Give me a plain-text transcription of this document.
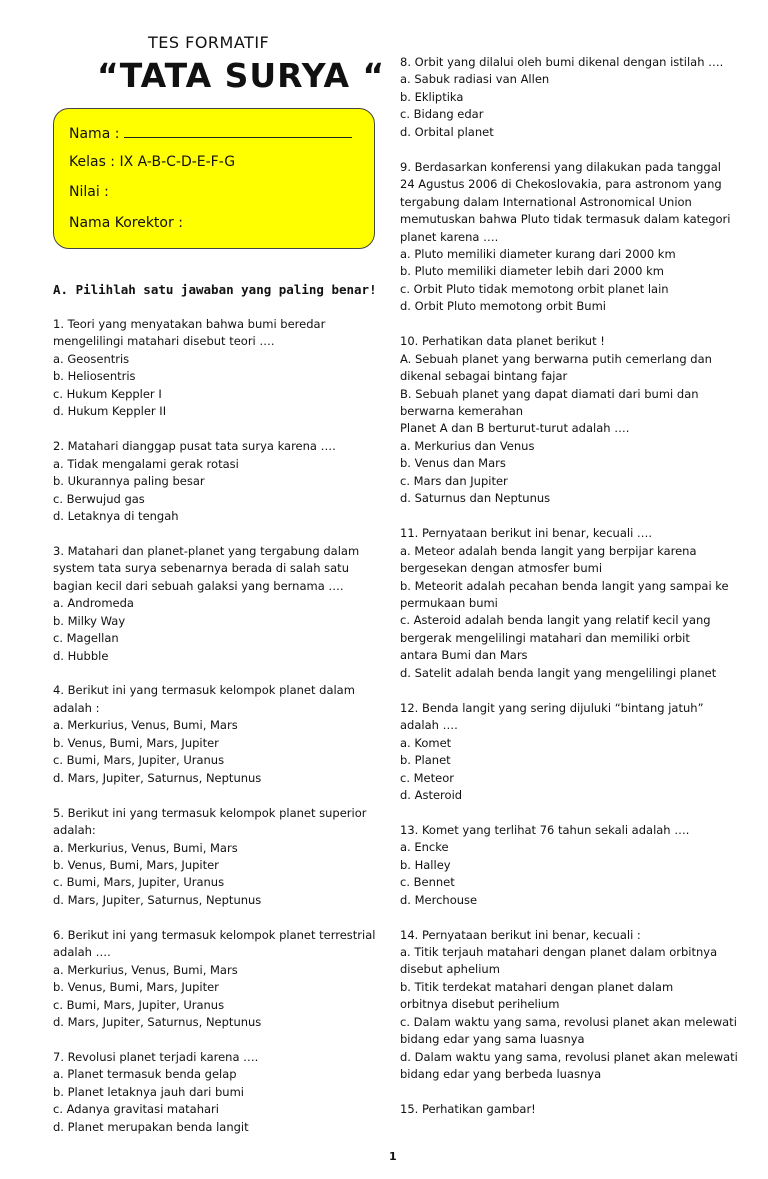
TES FORMATIF
“TATA SURYA “
Nama :
Kelas : IX A-B-C-D-E-F-G
Nilai :
Nama Korektor :
A. Pilihlah satu jawaban yang paling benar!
1. Teori yang menyatakan bahwa bumi beredar
mengelilingi matahari disebut teori ….
a. Geosentris
b. Heliosentris
c. Hukum Keppler I
d. Hukum Keppler II
2. Matahari dianggap pusat tata surya karena ….
a. Tidak mengalami gerak rotasi
b. Ukurannya paling besar
c. Berwujud gas
d. Letaknya di tengah
3. Matahari dan planet-planet yang tergabung dalam
system tata surya sebenarnya berada di salah satu
bagian kecil dari sebuah galaksi yang bernama ….
a. Andromeda
b. Milky Way
c. Magellan
d. Hubble
4. Berikut ini yang termasuk kelompok planet dalam
adalah :
a. Merkurius, Venus, Bumi, Mars
b. Venus, Bumi, Mars, Jupiter
c. Bumi, Mars, Jupiter, Uranus
d. Mars, Jupiter, Saturnus, Neptunus
5. Berikut ini yang termasuk kelompok planet superior
adalah:
a. Merkurius, Venus, Bumi, Mars
b. Venus, Bumi, Mars, Jupiter
c. Bumi, Mars, Jupiter, Uranus
d. Mars, Jupiter, Saturnus, Neptunus
6. Berikut ini yang termasuk kelompok planet terrestrial
adalah ….
a. Merkurius, Venus, Bumi, Mars
b. Venus, Bumi, Mars, Jupiter
c. Bumi, Mars, Jupiter, Uranus
d. Mars, Jupiter, Saturnus, Neptunus
7. Revolusi planet terjadi karena ….
a. Planet termasuk benda gelap
b. Planet letaknya jauh dari bumi
c. Adanya gravitasi matahari
d. Planet merupakan benda langit
8. Orbit yang dilalui oleh bumi dikenal dengan istilah ….
a. Sabuk radiasi van Allen
b. Ekliptika
c. Bidang edar
d. Orbital planet
9. Berdasarkan konferensi yang dilakukan pada tanggal
24 Agustus 2006 di Chekoslovakia, para astronom yang
tergabung dalam International Astronomical Union
memutuskan bahwa Pluto tidak termasuk dalam kategori
planet karena ….
a. Pluto memiliki diameter kurang dari 2000 km
b. Pluto memiliki diameter lebih dari 2000 km
c. Orbit Pluto tidak memotong orbit planet lain
d. Orbit Pluto memotong orbit Bumi
10. Perhatikan data planet berikut !
A. Sebuah planet yang berwarna putih cemerlang dan
dikenal sebagai bintang fajar
B. Sebuah planet yang dapat diamati dari bumi dan
berwarna kemerahan
Planet A dan B berturut-turut adalah ….
a. Merkurius dan Venus
b. Venus dan Mars
c. Mars dan Jupiter
d. Saturnus dan Neptunus
11. Pernyataan berikut ini benar, kecuali ….
a. Meteor adalah benda langit yang berpijar karena
bergesekan dengan atmosfer bumi
b. Meteorit adalah pecahan benda langit yang sampai ke
permukaan bumi
c. Asteroid adalah benda langit yang relatif kecil yang
bergerak mengelilingi matahari dan memiliki orbit
antara Bumi dan Mars
d. Satelit adalah benda langit yang mengelilingi planet
12. Benda langit yang sering dijuluki “bintang jatuh”
adalah ….
a. Komet
b. Planet
c. Meteor
d. Asteroid
13. Komet yang terlihat 76 tahun sekali adalah ….
a. Encke
b. Halley
c. Bennet
d. Merchouse
14. Pernyataan berikut ini benar, kecuali :
a. Titik terjauh matahari dengan planet dalam orbitnya
disebut aphelium
b. Titik terdekat matahari dengan planet dalam
orbitnya disebut perihelium
c. Dalam waktu yang sama, revolusi planet akan melewati
bidang edar yang sama luasnya
d. Dalam waktu yang sama, revolusi planet akan melewati
bidang edar yang berbeda luasnya
15. Perhatikan gambar!
1
